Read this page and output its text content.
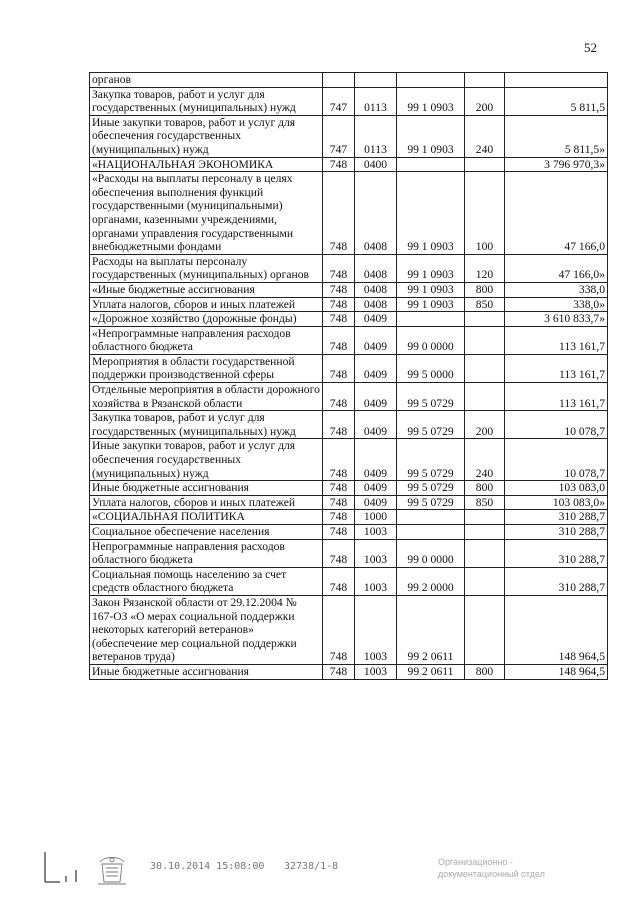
52
органов					
Закупка товаров, работ и услуг для государственных (муниципальных) нужд	747	0113	99 1 0903	200	5 811,5
Иные закупки товаров, работ и услуг для обеспечения государственных (муниципальных) нужд	747	0113	99 1 0903	240	5 811,5»
«НАЦИОНАЛЬНАЯ ЭКОНОМИКА	748	0400			3 796 970,3»
«Расходы на выплаты персоналу в целях обеспечения выполнения функций государственными (муниципальными) органами, казенными учреждениями, органами управления государственными внебюджетными фондами	748	0408	99 1 0903	100	47 166,0
Расходы на выплаты персоналу государственных (муниципальных) органов	748	0408	99 1 0903	120	47 166,0»
«Иные бюджетные ассигнования	748	0408	99 1 0903	800	338,0
Уплата налогов, сборов и иных платежей	748	0408	99 1 0903	850	338,0»
«Дорожное хозяйство (дорожные фонды)	748	0409			3 610 833,7»
«Непрограммные направления расходов областного бюджета	748	0409	99 0 0000		113 161,7
Мероприятия в области государственной поддержки производственной сферы	748	0409	99 5 0000		113 161,7
Отдельные мероприятия в области дорожного хозяйства в Рязанской области	748	0409	99 5 0729		113 161,7
Закупка товаров, работ и услуг для государственных (муниципальных) нужд	748	0409	99 5 0729	200	10 078,7
Иные закупки товаров, работ и услуг для обеспечения государственных (муниципальных) нужд	748	0409	99 5 0729	240	10 078,7
Иные бюджетные ассигнования	748	0409	99 5 0729	800	103 083,0
Уплата налогов, сборов и иных платежей	748	0409	99 5 0729	850	103 083,0»
«СОЦИАЛЬНАЯ ПОЛИТИКА	748	1000			310 288,7
Социальное обеспечение населения	748	1003			310 288,7
Непрограммные направления расходов областного бюджета	748	1003	99 0 0000		310 288,7
Социальная помощь населению за счет средств областного бюджета	748	1003	99 2 0000		310 288,7
Закон Рязанской области от 29.12.2004 № 167-ОЗ «О мерах социальной поддержки некоторых категорий ветеранов» (обеспечение мер социальной поддержки ветеранов труда)	748	1003	99 2 0611		148 964,5
Иные бюджетные ассигнования	748	1003	99 2 0611	800	148 964,5
30.10.2014 15:08:00 32738/1-8	Организационно -
документационный отдел
